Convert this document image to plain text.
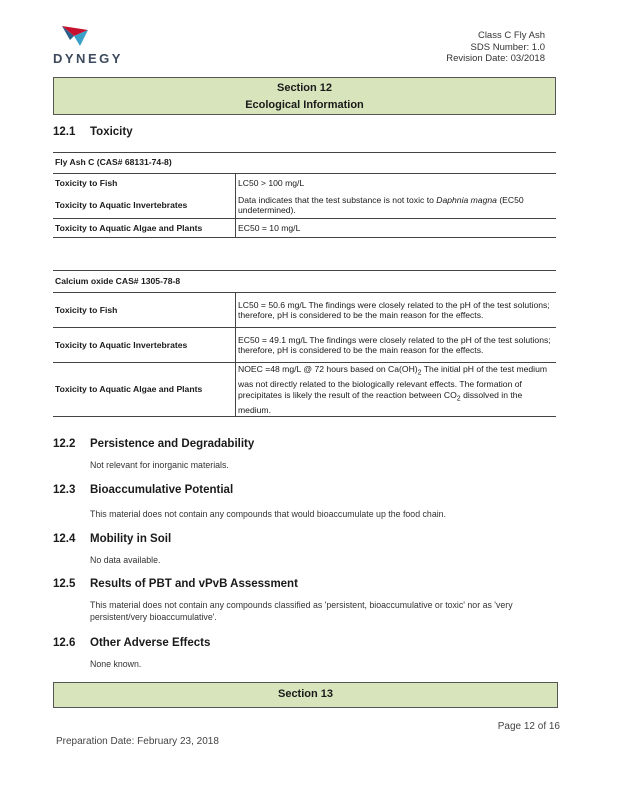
DYNEGY
Class C Fly Ash
SDS Number: 1.0
Revision Date: 03/2018
Section 12
Ecological Information
12.1 Toxicity
Fly Ash C (CAS# 68131-74-8)
Toxicity to Fish	LC50 > 100 mg/L
Toxicity to Aquatic Invertebrates	Data indicates that the test substance is not toxic to Daphnia magna (EC50 undetermined).
Toxicity to Aquatic Algae and Plants	EC50 = 10 mg/L
Calcium oxide CAS# 1305-78-8
Toxicity to Fish	LC50 = 50.6 mg/L The findings were closely related to the pH of the test solutions; therefore, pH is considered to be the main reason for the effects.
Toxicity to Aquatic Invertebrates	EC50 = 49.1 mg/L The findings were closely related to the pH of the test solutions; therefore, pH is considered to be the main reason for the effects.
Toxicity to Aquatic Algae and Plants	NOEC =48 mg/L @ 72 hours based on $Ca(OH)_2$ The initial pH of the test medium was not directly related to the biologically relevant effects. The formation of precipitates is likely the result of the reaction between $CO_2$ dissolved in the medium.
12.2 Persistence and Degradability
Not relevant for inorganic materials.
12.3 Bioaccumulative Potential
This material does not contain any compounds that would bioaccumulate up the food chain.
12.4 Mobility in Soil
No data available.
12.5 Results of PBT and vPvB Assessment
This material does not contain any compounds classified as 'persistent, bioaccumulative or toxic' nor as 'very persistent/very bioaccumulative'.
12.6 Other Adverse Effects
None known.
Section 13
Page 12 of 16
Preparation Date: February 23, 2018
